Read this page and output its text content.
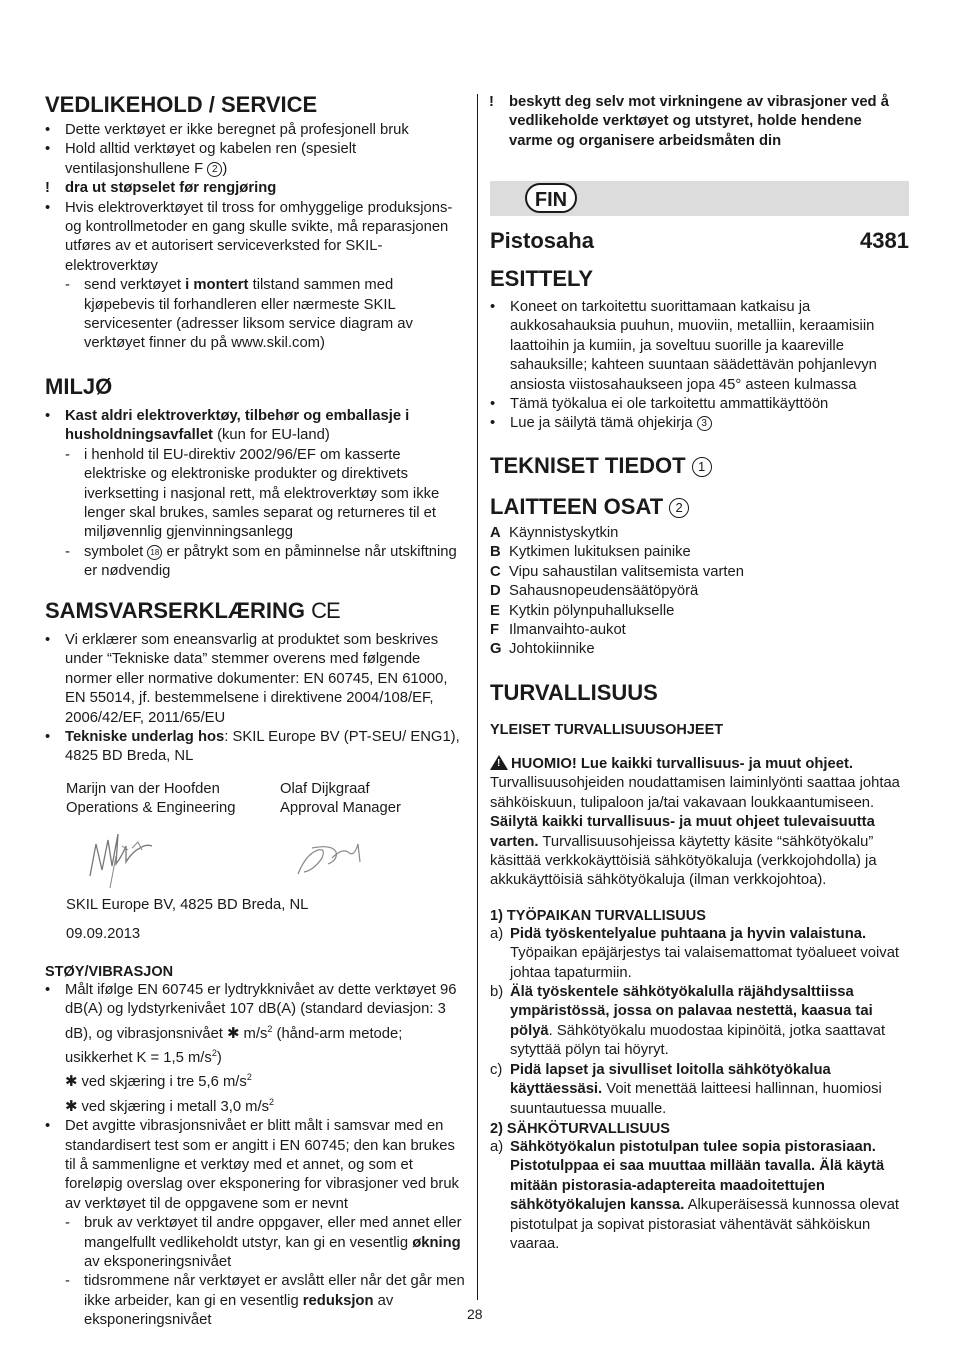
VEDLIKEHOLD / SERVICE
• Dette verktøyet er ikke beregnet på profesjonell bruk
• Hold alltid verktøyet og kabelen ren (spesielt ventilasjonshullene F 2 )
! dra ut støpselet før rengjøring
• Hvis elektroverktøyet til tross for omhyggelige produksjons- og kontrollmetoder en gang skulle svikte, må reparasjonen utføres av et autorisert serviceverksted for SKIL-elektroverktøy
- send verktøyet i montert tilstand sammen med kjøpebevis til forhandleren eller nærmeste SKIL servicesenter (adresser liksom service diagram av verktøyet finner du på www.skil.com)
MILJØ
• Kast aldri elektroverktøy, tilbehør og emballasje i husholdningsavfallet (kun for EU-land)
- i henhold til EU-direktiv 2002/96/EF om kasserte elektriske og elektroniske produkter og direktivets iverksetting i nasjonal rett, må elektroverktøy som ikke lenger skal brukes, samles separat og returneres til et miljøvennlig gjenvinningsanlegg
- symbolet 18 er påtrykt som en påminnelse når utskiftning er nødvendig
SAMSVARSERKLÆRING CE
• Vi erklærer som eneansvarlig at produktet som beskrives under “Tekniske data” stemmer overens med følgende normer eller normative dokumenter: EN 60745, EN 61000, EN 55014, jf. bestemmelsene i direktivene 2004/108/EF, 2006/42/EF, 2011/65/EU
• Tekniske underlag hos: SKIL Europe BV (PT-SEU/ ENG1), 4825 BD Breda, NL
Marijn van der Hoofden
Operations & Engineering
Olaf Dijkgraaf
Approval Manager
SKIL Europe BV, 4825 BD Breda, NL
09.09.2013
STØY/VIBRASJON
• Målt ifølge EN 60745 er lydtrykknivået av dette verktøyet 96 dB(A) og lydstyrkenivået 107 dB(A) (standard deviasjon: 3 dB), og vibrasjonsnivået ✱ $m/s^2$ (hånd-arm metode; usikkerhet K = 1,5 $m/s^2$)
✱ ved skjæring i tre 5,6 $m/s^2$
✱ ved skjæring i metall 3,0 $m/s^2$
• Det avgitte vibrasjonsnivået er blitt målt i samsvar med en standardisert test som er angitt i EN 60745; den kan brukes til å sammenligne et verktøy med et annet, og som et foreløpig overslag over eksponering for vibrasjoner ved bruk av verktøyet til de oppgavene som er nevnt
- bruk av verktøyet til andre oppgaver, eller med annet eller mangelfullt vedlikeholdt utstyr, kan gi en vesentlig økning av eksponeringsnivået
- tidsrommene når verktøyet er avslått eller når det går men ikke arbeider, kan gi en vesentlig reduksjon av eksponeringsnivået
! beskytt deg selv mot virkningene av vibrasjoner ved å vedlikeholde verktøyet og utstyret, holde hendene varme og organisere arbeidsmåten din
FIN
Pistosaha	4381
ESITTELY
• Koneet on tarkoitettu suorittamaan katkaisu ja aukkosahauksia puuhun, muoviin, metalliin, keraamisiin laattoihin ja kumiin, ja soveltuu suorille ja kaareville sahauksille; kahteen suuntaan säädettävän pohjanlevyn ansiosta viistosahaukseen jopa 45° asteen kulmassa
• Tämä työkalua ei ole tarkoitettu ammattikäyttöön
• Lue ja säilytä tämä ohjekirja 3
TEKNISET TIEDOT 1
LAITTEEN OSAT 2
A Käynnistyskytkin
B Kytkimen lukituksen painike
C Vipu sahaustilan valitsemista varten
D Sahausnopeudensäätöpyörä
E Kytkin pölynpuhallukselle
F Ilmanvaihto-aukot
G Johtokiinnike
TURVALLISUUS
YLEISET TURVALLISUUSOHJEET
! HUOMIO! Lue kaikki turvallisuus- ja muut ohjeet. Turvallisuusohjeiden noudattamisen laiminlyönti saattaa johtaa sähköiskuun, tulipaloon ja/tai vakavaan loukkaantumiseen. Säilytä kaikki turvallisuus- ja muut ohjeet tulevaisuutta varten. Turvallisuusohjeissa käytetty käsite “sähkötyökalu” käsittää verkkokäyttöisiä sähkötyökaluja (verkkojohdolla) ja akkukäyttöisiä sähkötyökaluja (ilman verkkojohtoa).
1) TYÖPAIKAN TURVALLISUUS
a) Pidä työskentelyalue puhtaana ja hyvin valaistuna. Työpaikan epäjärjestys tai valaisemattomat työalueet voivat johtaa tapaturmiin.
b) Älä työskentele sähkötyökalulla räjähdysalttiissa ympäristössä, jossa on palavaa nestettä, kaasua tai pölyä. Sähkötyökalu muodostaa kipinöitä, jotka saattavat sytyttää pölyn tai höyryt.
c) Pidä lapset ja sivulliset loitolla sähkötyökalua käyttäessäsi. Voit menettää laitteesi hallinnan, huomiosi suuntautuessa muualle.
2) SÄHKÖTURVALLISUUS
a) Sähkötyökalun pistotulpan tulee sopia pistorasiaan. Pistotulppaa ei saa muuttaa millään tavalla. Älä käytä mitään pistorasia-adaptereita maadoitettujen sähkötyökalujen kanssa. Alkuperäisessä kunnossa olevat pistotulpat ja sopivat pistorasiat vähentävät sähköiskun vaaraa.
28
